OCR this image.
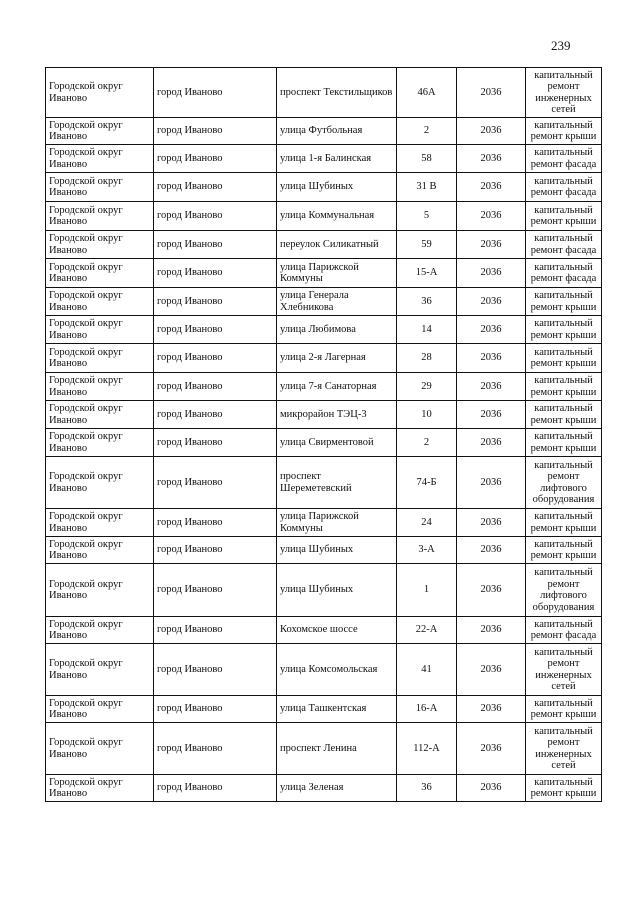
239
Городской округ Иваново	город Иваново	проспект Текстильщиков	46А	2036	капитальный ремонт инженерных сетей
Городской округ Иваново	город Иваново	улица Футбольная	2	2036	капитальный ремонт крыши
Городской округ Иваново	город Иваново	улица 1-я Балинская	58	2036	капитальный ремонт фасада
Городской округ Иваново	город Иваново	улица Шубиных	31 В	2036	капитальный ремонт фасада
Городской округ Иваново	город Иваново	улица Коммунальная	5	2036	капитальный ремонт крыши
Городской округ Иваново	город Иваново	переулок Силикатный	59	2036	капитальный ремонт фасада
Городской округ Иваново	город Иваново	улица Парижской Коммуны	15-А	2036	капитальный ремонт фасада
Городской округ Иваново	город Иваново	улица Генерала Хлебникова	36	2036	капитальный ремонт крыши
Городской округ Иваново	город Иваново	улица Любимова	14	2036	капитальный ремонт крыши
Городской округ Иваново	город Иваново	улица 2-я Лагерная	28	2036	капитальный ремонт крыши
Городской округ Иваново	город Иваново	улица 7-я Санаторная	29	2036	капитальный ремонт крыши
Городской округ Иваново	город Иваново	микрорайон ТЭЦ-3	10	2036	капитальный ремонт крыши
Городской округ Иваново	город Иваново	улица Свирментовой	2	2036	капитальный ремонт крыши
Городской округ Иваново	город Иваново	проспект Шереметевский	74-Б	2036	капитальный ремонт лифтового оборудования
Городской округ Иваново	город Иваново	улица Парижской Коммуны	24	2036	капитальный ремонт крыши
Городской округ Иваново	город Иваново	улица Шубиных	3-А	2036	капитальный ремонт крыши
Городской округ Иваново	город Иваново	улица Шубиных	1	2036	капитальный ремонт лифтового оборудования
Городской округ Иваново	город Иваново	Кохомское шоссе	22-А	2036	капитальный ремонт фасада
Городской округ Иваново	город Иваново	улица Комсомольская	41	2036	капитальный ремонт инженерных сетей
Городской округ Иваново	город Иваново	улица Ташкентская	16-А	2036	капитальный ремонт крыши
Городской округ Иваново	город Иваново	проспект Ленина	112-А	2036	капитальный ремонт инженерных сетей
Городской округ Иваново	город Иваново	улица Зеленая	36	2036	капитальный ремонт крыши
